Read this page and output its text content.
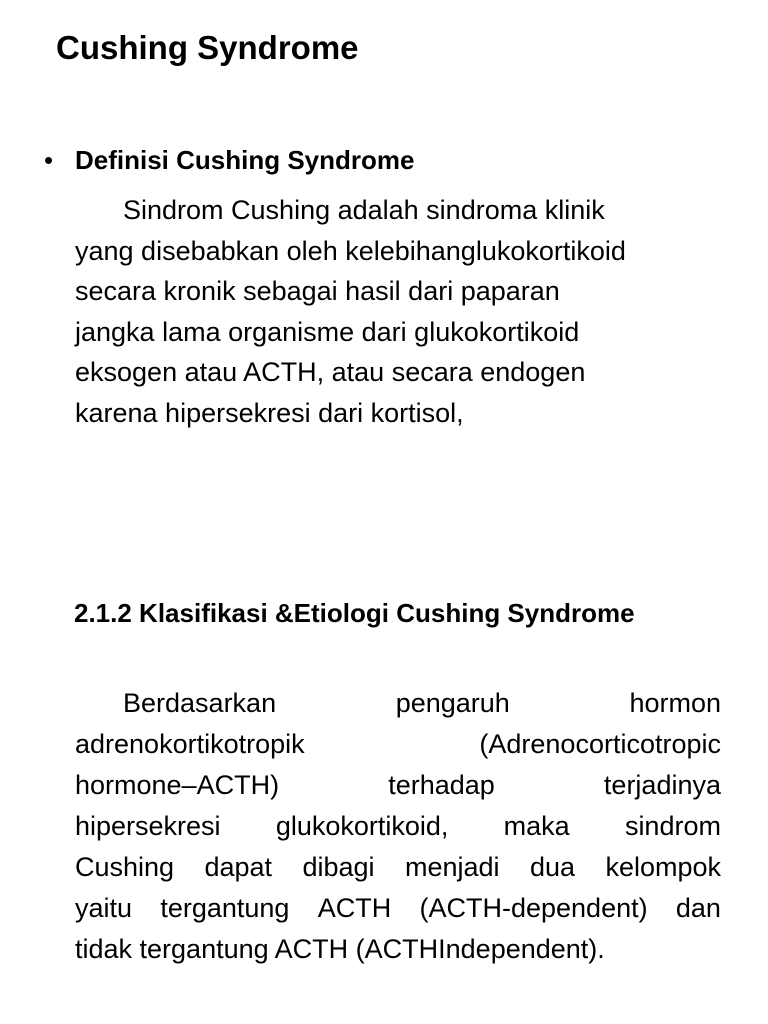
Cushing Syndrome
• Definisi Cushing Syndrome
Sindrom Cushing adalah sindroma klinik
yang disebabkan oleh kelebihanglukokortikoid
secara kronik sebagai hasil dari paparan
jangka lama organisme dari glukokortikoid
eksogen atau ACTH, atau secara endogen
karena hipersekresi dari kortisol,
2.1.2 Klasifikasi &Etiologi Cushing Syndrome
Berdasarkan	pengaruh	hormon
adrenokortikotropik	(Adrenocorticotropic
hormone–ACTH)	terhadap	terjadinya
hipersekresi glukokortikoid, maka sindrom
Cushing dapat dibagi menjadi dua kelompok
yaitu tergantung ACTH (ACTH-dependent) dan
tidak tergantung ACTH (ACTHIndependent).
